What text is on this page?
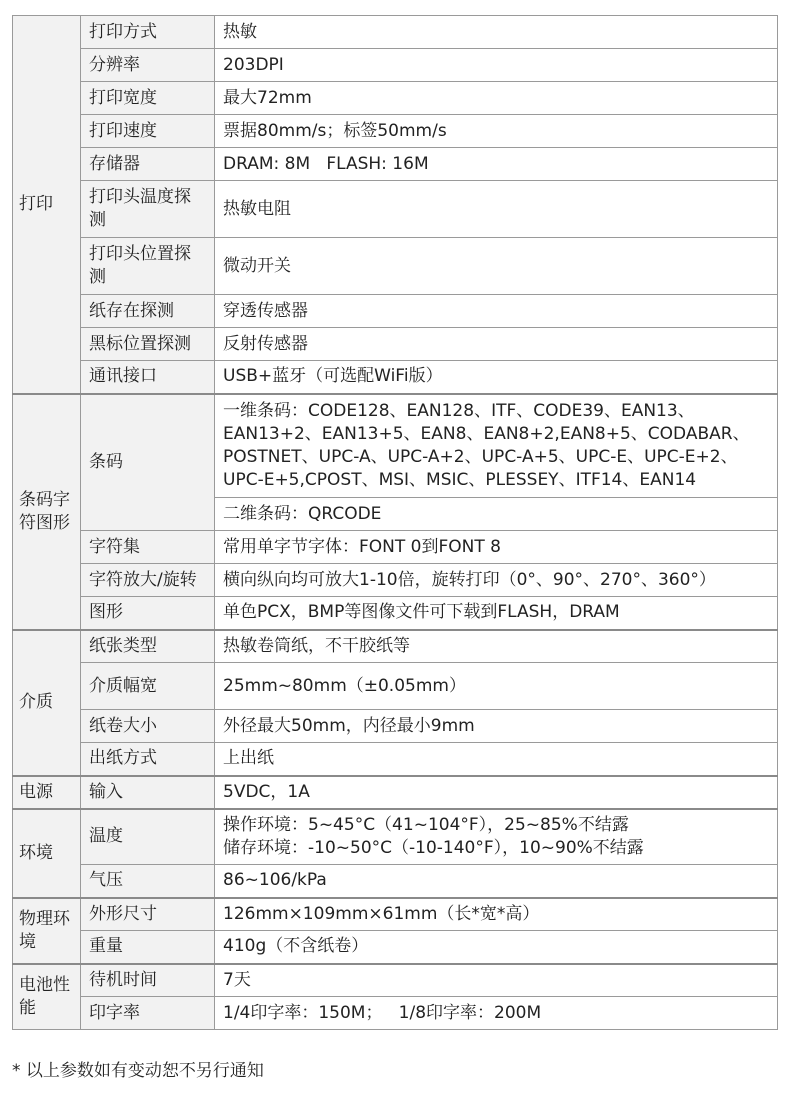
打印	打印方式	热敏
	分辨率	203DPI
	打印宽度	最大72mm
	打印速度	票据80mm/s；标签50mm/s
	存储器	DRAM: 8M   FLASH: 16M
	打印头温度探测	热敏电阻
	打印头位置探测	微动开关
	纸存在探测	穿透传感器
	黑标位置探测	反射传感器
	通讯接口	USB+蓝牙（可选配WiFi版）
条码字符图形	条码	一维条码：CODE128、EAN128、ITF、CODE39、EAN13、
EAN13+2、EAN13+5、EAN8、EAN8+2,EAN8+5、CODABAR、
POSTNET、UPC-A、UPC-A+2、UPC-A+5、UPC-E、UPC-E+2、
UPC-E+5,CPOST、MSI、MSIC、PLESSEY、ITF14、EAN14

		二维条码：QRCODE
	字符集	常用单字节字体：FONT 0到FONT 8
	字符放大/旋转	横向纵向均可放大1-10倍，旋转打印（0°、90°、270°、360°）
	图形	单色PCX，BMP等图像文件可下载到FLASH，DRAM
介质	纸张类型	热敏卷筒纸，不干胶纸等
	介质幅宽	25mm~80mm（±0.05mm）
	纸卷大小	外径最大50mm，内径最小9mm
	出纸方式	上出纸
电源	输入	5VDC，1A
环境	温度	操作环境：5~45°C（41~104°F），25~85%不结露
储存环境：-10~50°C（-10-140°F），10~90%不结露

	气压	86~106/kPa
物理环境	外形尺寸	126mm×109mm×61mm（长*宽*高）
	重量	410g（不含纸卷）
电池性能	待机时间	7天
	印字率	1/4印字率：150M；   1/8印字率：200M
* 以上参数如有变动恕不另行通知
